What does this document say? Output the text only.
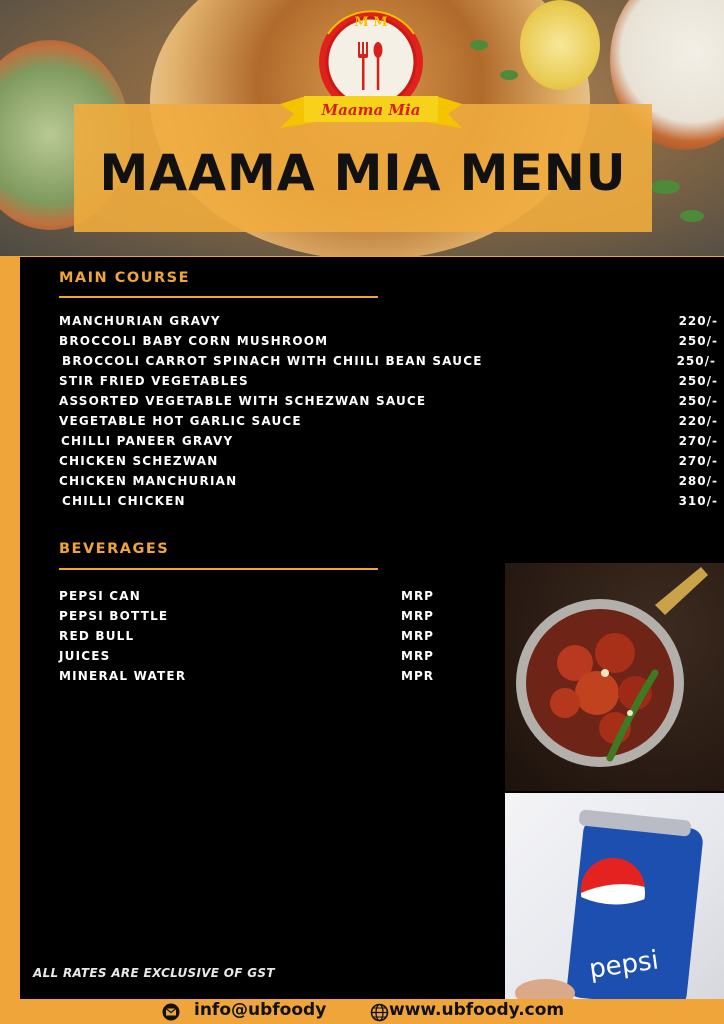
MAAMA MIA MENU
M M
Maama Mia
MAIN COURSE
MANCHURIAN GRAVY	220/-
BROCCOLI BABY CORN MUSHROOM	250/-
BROCCOLI CARROT SPINACH WITH CHIILI BEAN SAUCE	250/-
STIR FRIED VEGETABLES	250/-
ASSORTED VEGETABLE WITH SCHEZWAN SAUCE	250/-
VEGETABLE HOT GARLIC SAUCE	220/-
CHILLI PANEER GRAVY	270/-
CHICKEN SCHEZWAN	270/-
CHICKEN MANCHURIAN	280/-
CHILLI CHICKEN	310/-
BEVERAGES
PEPSI CAN	MRP
PEPSI BOTTLE	MRP
RED BULL	MRP
JUICES	MRP
MINERAL WATER	MPR
ALL RATES ARE EXCLUSIVE OF GST	pepsi
info@ubfoody	www.ubfoody.com
